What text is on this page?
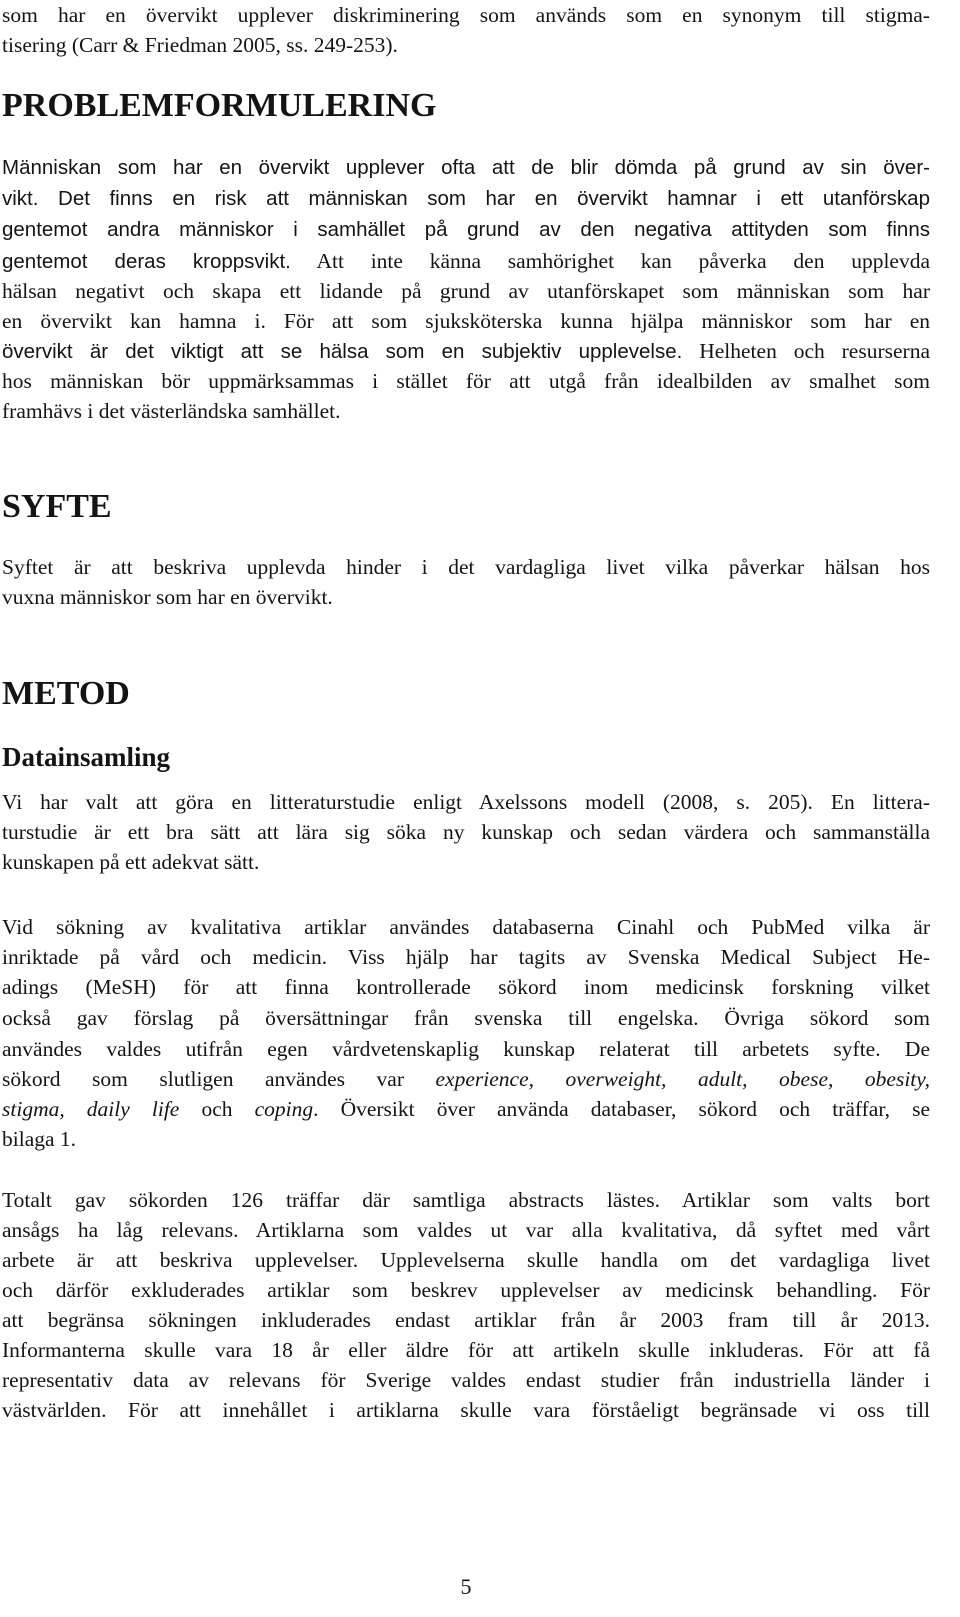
som har en övervikt upplever diskriminering som används som en synonym till stigma-
tisering (Carr & Friedman 2005, ss. 249-253).
PROBLEMFORMULERING
Människan som har en övervikt upplever ofta att de blir dömda på grund av sin över-
vikt. Det finns en risk att människan som har en övervikt hamnar i ett utanförskap
gentemot andra människor i samhället på grund av den negativa attityden som finns
gentemot deras kroppsvikt. Att inte känna samhörighet kan påverka den upplevda
hälsan negativt och skapa ett lidande på grund av utanförskapet som människan som har
en övervikt kan hamna i. För att som sjuksköterska kunna hjälpa människor som har en
övervikt är det viktigt att se hälsa som en subjektiv upplevelse. Helheten och resurserna
hos människan bör uppmärksammas i stället för att utgå från idealbilden av smalhet som
framhävs i det västerländska samhället.
SYFTE
Syftet är att beskriva upplevda hinder i det vardagliga livet vilka påverkar hälsan hos
vuxna människor som har en övervikt.
METOD
Datainsamling
Vi har valt att göra en litteraturstudie enligt Axelssons modell (2008, s. 205). En littera-
turstudie är ett bra sätt att lära sig söka ny kunskap och sedan värdera och sammanställa
kunskapen på ett adekvat sätt.
Vid sökning av kvalitativa artiklar användes databaserna Cinahl och PubMed vilka är
inriktade på vård och medicin. Viss hjälp har tagits av Svenska Medical Subject He-
adings (MeSH) för att finna kontrollerade sökord inom medicinsk forskning vilket
också gav förslag på översättningar från svenska till engelska. Övriga sökord som
användes valdes utifrån egen vårdvetenskaplig kunskap relaterat till arbetets syfte. De
sökord som slutligen användes var experience, overweight, adult, obese, obesity,
stigma, daily life och coping. Översikt över använda databaser, sökord och träffar, se
bilaga 1.
Totalt gav sökorden 126 träffar där samtliga abstracts lästes. Artiklar som valts bort
ansågs ha låg relevans. Artiklarna som valdes ut var alla kvalitativa, då syftet med vårt
arbete är att beskriva upplevelser. Upplevelserna skulle handla om det vardagliga livet
och därför exkluderades artiklar som beskrev upplevelser av medicinsk behandling. För
att begränsa sökningen inkluderades endast artiklar från år 2003 fram till år 2013.
Informanterna skulle vara 18 år eller äldre för att artikeln skulle inkluderas. För att få
representativ data av relevans för Sverige valdes endast studier från industriella länder i
västvärlden. För att innehållet i artiklarna skulle vara förståeligt begränsade vi oss till
5
